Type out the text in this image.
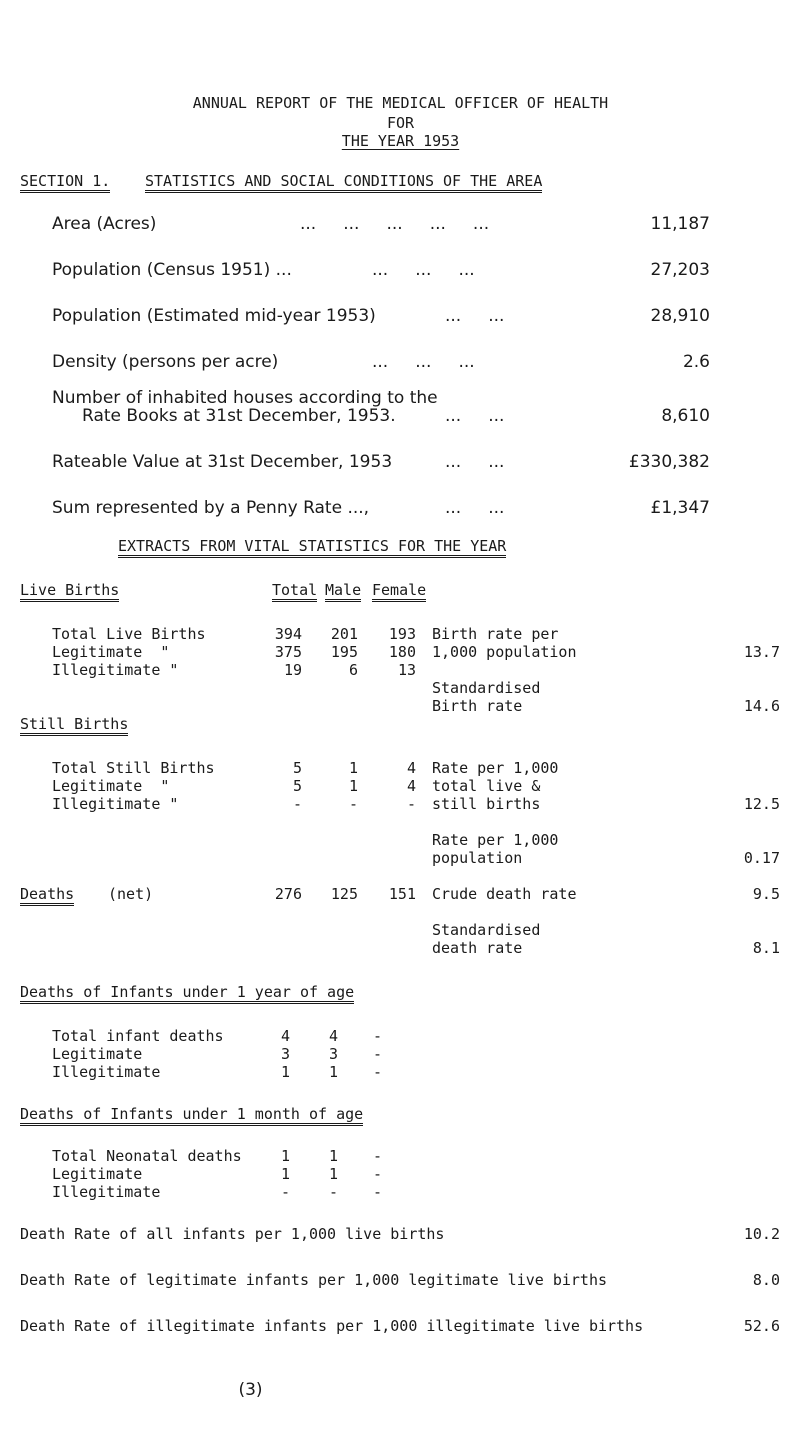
ANNUAL REPORT OF THE MEDICAL OFFICER OF HEALTH
FOR
THE YEAR 1953
SECTION 1. STATISTICS AND SOCIAL CONDITIONS OF THE AREA
Area (Acres)	...     ...     ...     ...     ...	11,187
Population (Census 1951) ...	...     ...     ...	27,203
Population (Estimated mid-year 1953)	...     ...	28,910
Density (persons per acre)	...     ...     ...	2.6
Number of inhabited houses according to the
Rate Books at 31st December, 1953.	...     ...	8,610
Rateable Value at 31st December, 1953	...     ...	£330,382
Sum represented by a Penny Rate ...,	...     ...	£1,347
EXTRACTS FROM VITAL STATISTICS FOR THE YEAR
Live Births	Total Male Female
Total Live Births	394	201	193
Legitimate  "	375	195	180
Illegitimate "	19	6	13
Birth rate per
1,000 population	13.7
Standardised
Birth rate	14.6
Still Births
Total Still Births	5	1	4
Legitimate  "	5	1	4
Illegitimate "	-	-	-
Rate per 1,000
total live &
still births	12.5
Rate per 1,000
population	0.17
Deaths (net)	276	125	151 Crude death rate	9.5
Standardised
death rate	8.1
Deaths of Infants under 1 year of age
Total infant deaths	4	4	-
Legitimate	3	3	-
Illegitimate	1	1	-
Deaths of Infants under 1 month of age
Total Neonatal deaths	1	1	-
Legitimate	1	1	-
Illegitimate	-	-	-
Death Rate of all infants per 1,000 live births	10.2
Death Rate of legitimate infants per 1,000 legitimate live births	8.0
Death Rate of illegitimate infants per 1,000 illegitimate live births	52.6
(3)
